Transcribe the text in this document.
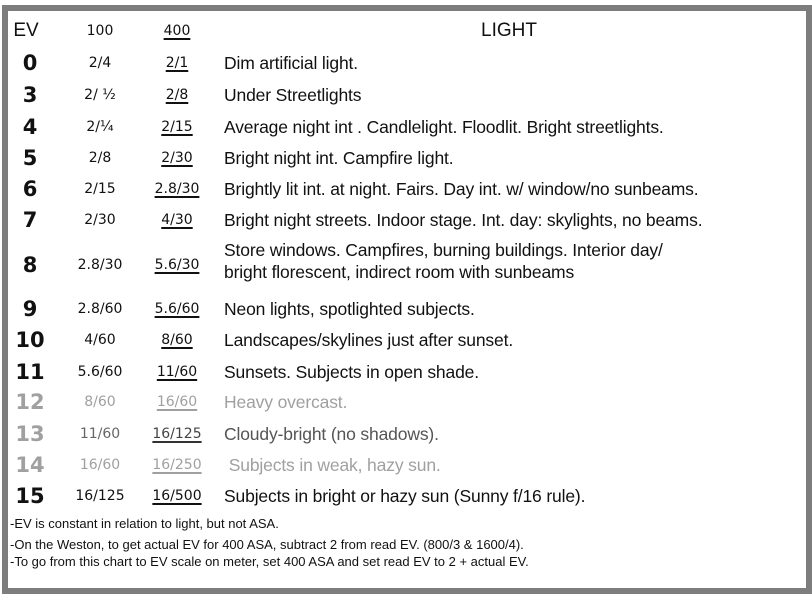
EV	100	400	LIGHT
0	2/4	2/1	Dim artificial light.
3	2/ ½	2/8	Under Streetlights
4	2/¼	2/15	Average night int . Candlelight. Floodlit. Bright streetlights.
5	2/8	2/30	Bright night int. Campfire light.
6	2/15	2.8/30	Brightly lit int. at night. Fairs. Day int. w/ window/no sunbeams.
7	2/30	4/30	Bright night streets. Indoor stage. Int. day: skylights, no beams.
8	2.8/30	5.6/30
Store windows. Campfires, burning buildings. Interior day/
bright florescent, indirect room with sunbeams
9	2.8/60	5.6/60	Neon lights, spotlighted subjects.
10	4/60	8/60	Landscapes/skylines just after sunset.
11	5.6/60	11/60	Sunsets. Subjects in open shade.
12	8/60	16/60	Heavy overcast.
13	11/60	16/125	Cloudy-bright (no shadows).
14	16/60	16/250	Subjects in weak, hazy sun.
15	16/125	16/500	Subjects in bright or hazy sun (Sunny f/16 rule).
-EV is constant in relation to light, but not ASA.
-On the Weston, to get actual EV for 400 ASA, subtract 2 from read EV. (800/3 & 1600/4).
-To go from this chart to EV scale on meter, set 400 ASA and set read EV to 2 + actual EV.
